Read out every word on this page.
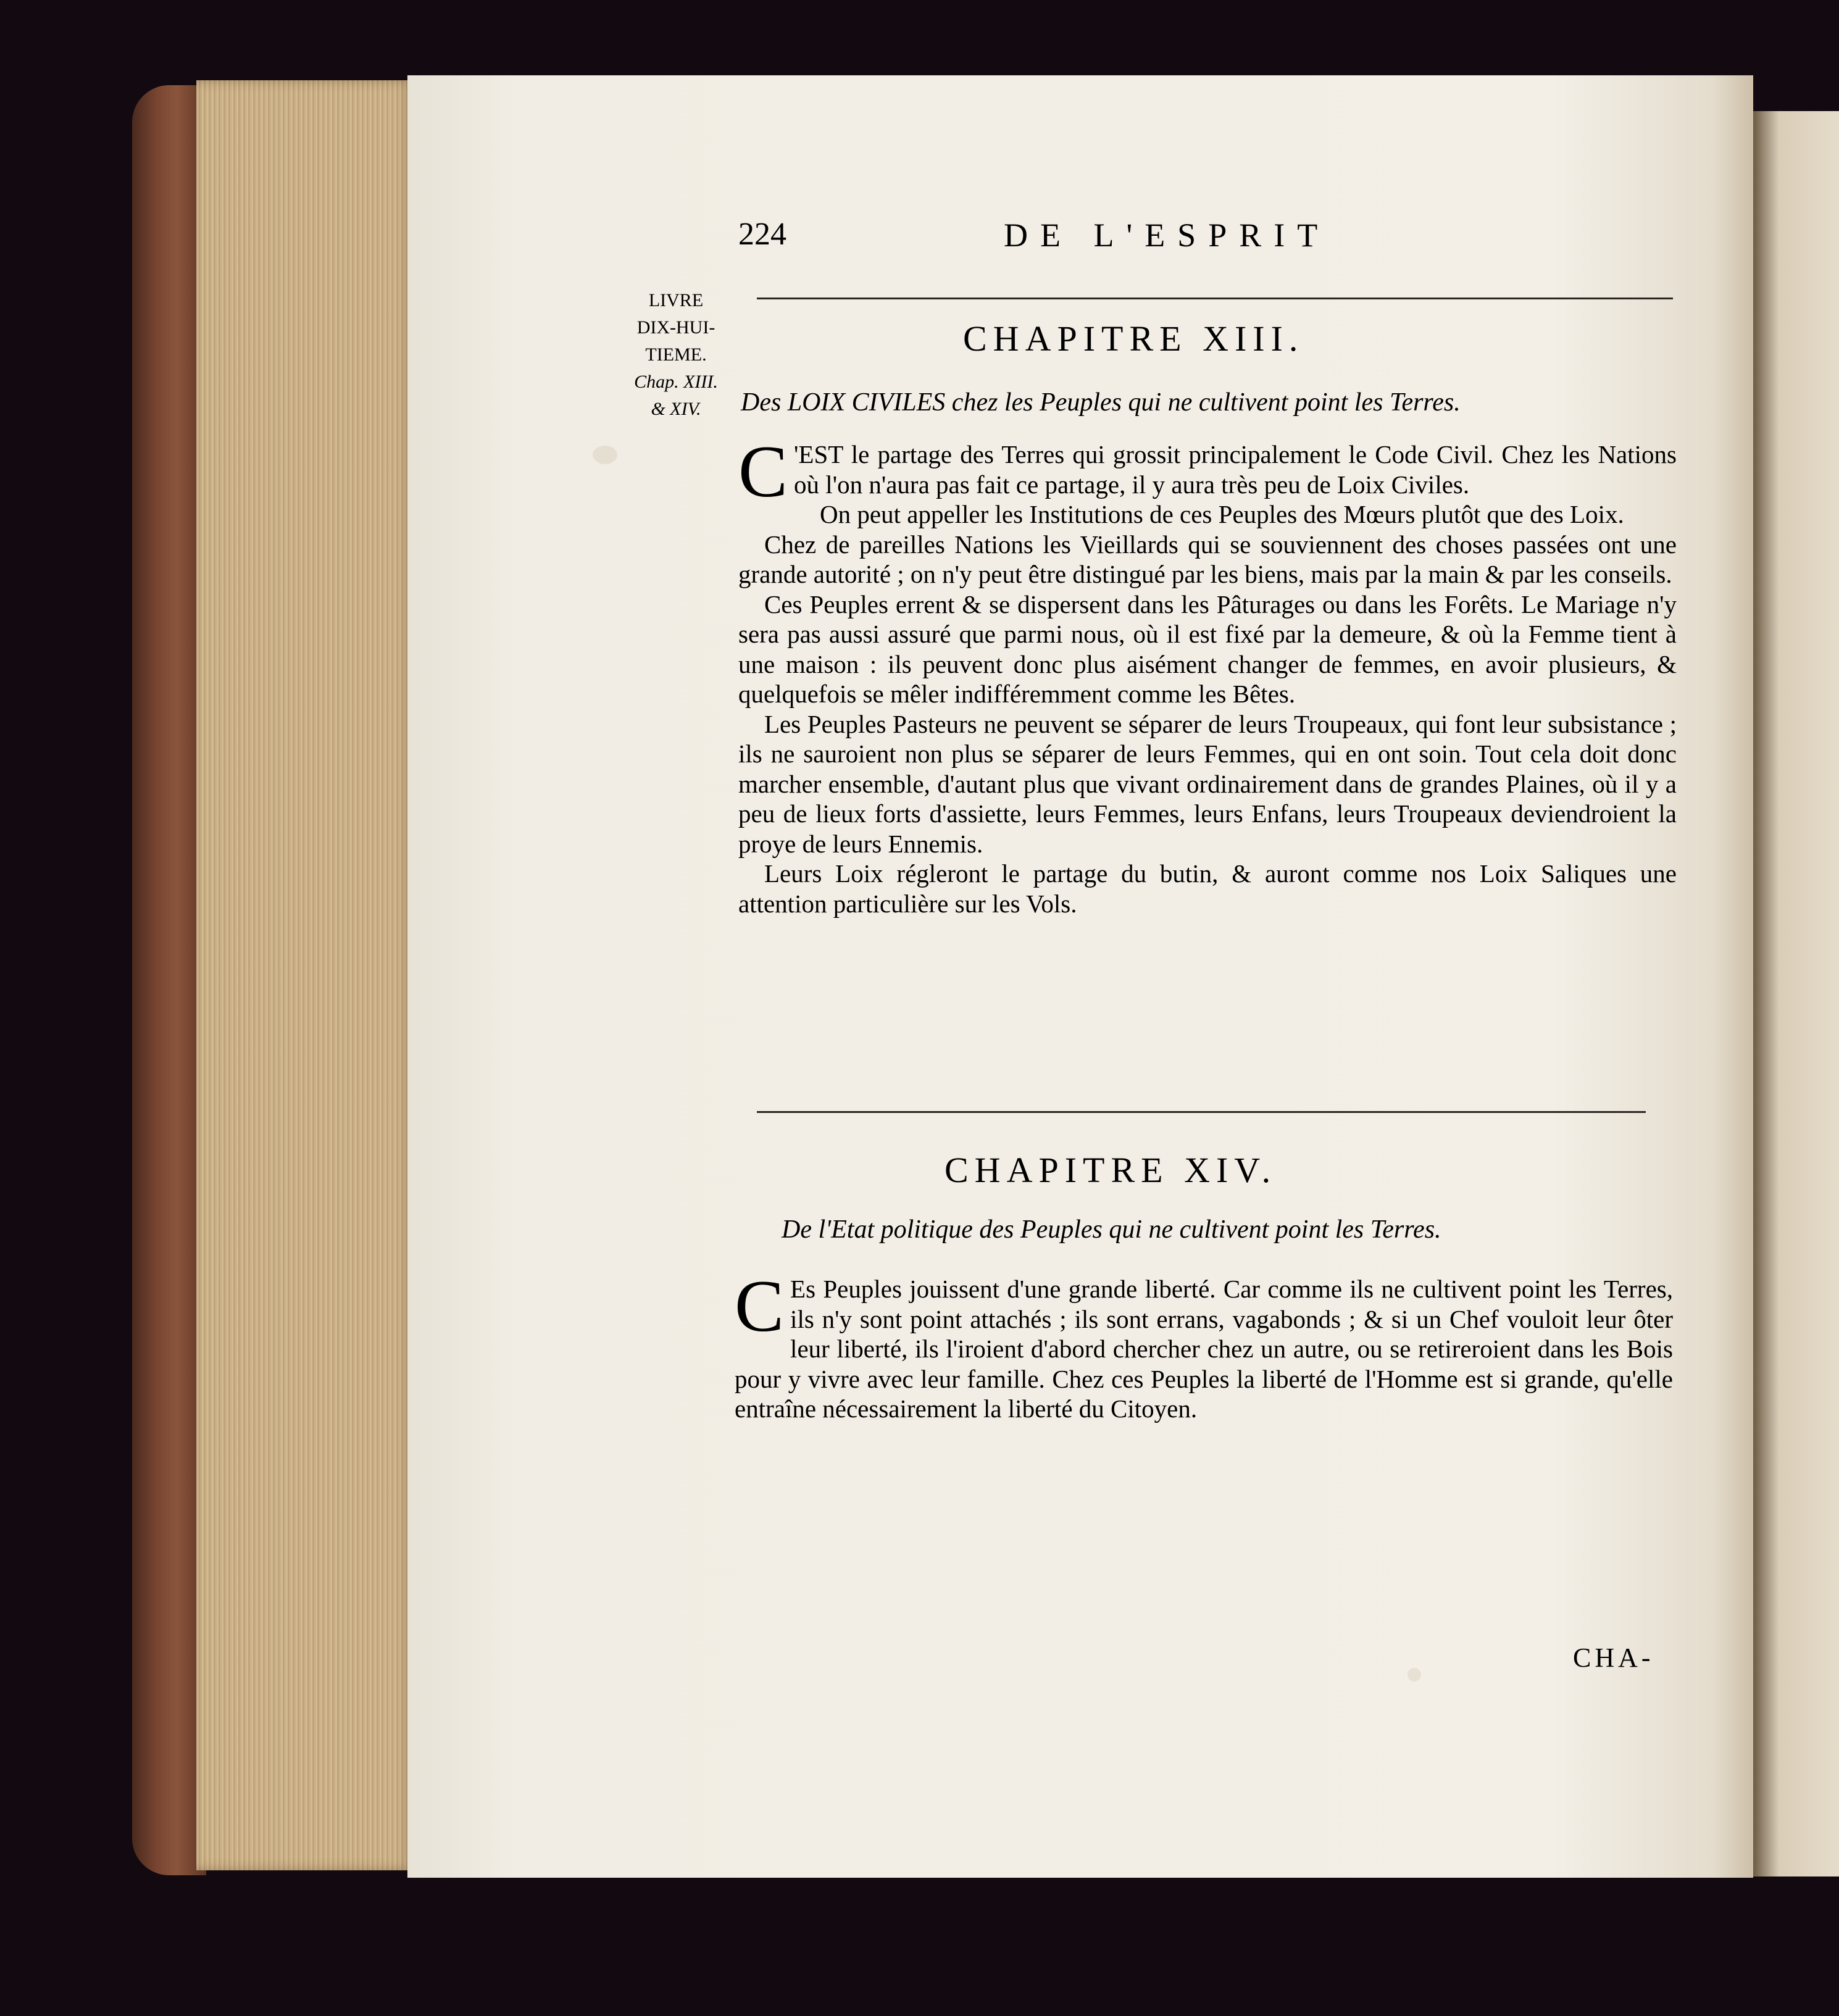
224	DE L'ESPRIT
LIVRE
DIX-HUI-
TIEME.
Chap. XIII.
& XIV.
CHAPITRE XIII.
Des LOIX CIVILES chez les Peuples qui ne cultivent point les Terres.

C 'EST le partage des Terres qui grossit principalement le Code Civil. Chez les Nations où l'on n'aura pas fait ce partage, il y aura très peu de Loix Civiles.

On peut appeller les Institutions de ces Peuples des Mœurs plutôt que des Loix.

Chez de pareilles Nations les Vieillards qui se souviennent des choses passées ont une grande autorité ; on n'y peut être distingué par les biens, mais par la main & par les conseils.

Ces Peuples errent & se dispersent dans les Pâturages ou dans les Forêts. Le Mariage n'y sera pas aussi assuré que parmi nous, où il est fixé par la demeure, & où la Femme tient à une maison : ils peuvent donc plus aisément changer de femmes, en avoir plusieurs, & quelquefois se mêler indifféremment comme les Bêtes.

Les Peuples Pasteurs ne peuvent se séparer de leurs Troupeaux, qui font leur subsistance ; ils ne sauroient non plus se séparer de leurs Femmes, qui en ont soin. Tout cela doit donc marcher ensemble, d'autant plus que vivant ordinairement dans de grandes Plaines, où il y a peu de lieux forts d'assiette, leurs Femmes, leurs Enfans, leurs Troupeaux deviendroient la proye de leurs Ennemis.

Leurs Loix régleront le partage du butin, & auront comme nos Loix Saliques une attention particulière sur les Vols.

CHAPITRE XIV.
De l'Etat politique des Peuples qui ne cultivent point les Terres.

C Es Peuples jouissent d'une grande liberté. Car comme ils ne cultivent point les Terres, ils n'y sont point attachés ; ils sont errans, vagabonds ; & si un Chef vouloit leur ôter leur liberté, ils l'iroient d'abord chercher chez un autre, ou se retireroient dans les Bois pour y vivre avec leur famille. Chez ces Peuples la liberté de l'Homme est si grande, qu'elle entraîne nécessairement la liberté du Citoyen.

CHA-
